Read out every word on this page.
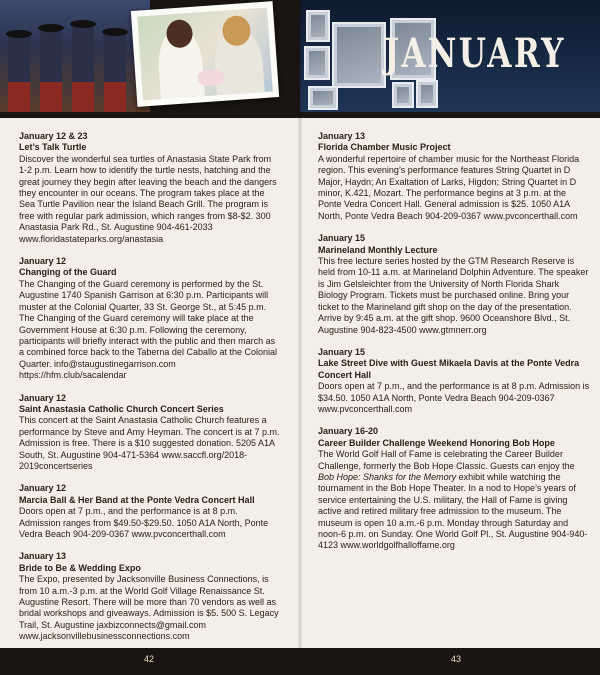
JANUARY
January 12 & 23
Let’s Talk Turtle
Discover the wonderful sea turtles of Anastasia State Park from 1-2 p.m. Learn how to identify the turtle nests, hatching and the great journey they begin after leaving the beach and the dangers they encounter in our oceans. The program takes place at the Sea Turtle Pavilion near the Island Beach Grill. The program is free with regular park admission, which ranges from $8-$2. 300 Anastasia Park Rd., St. Augustine 904-461-2033 www.floridastateparks.org/anastasia
January 12
Changing of the Guard
The Changing of the Guard ceremony is performed by the St. Augustine 1740 Spanish Garrison at 6:30 p.m. Participants will muster at the Colonial Quarter, 33 St. George St., at 5:45 p.m. The Changing of the Guard ceremony will take place at the Government House at 6:30 p.m. Following the ceremony, participants will briefly interact with the public and then march as a combined force back to the Taberna del Caballo at the Colonial Quarter. info@staugustinegarrison.com https://hfm.club/sacalendar
January 12
Saint Anastasia Catholic Church Concert Series
This concert at the Saint Anastasia Catholic Church features a performance by Steve and Amy Heyman. The concert is at 7 p.m. Admission is free. There is a $10 suggested donation. 5205 A1A South, St. Augustine 904-471-5364 www.saccfl.org/2018-2019concertseries
January 12
Marcia Ball & Her Band at the Ponte Vedra Concert Hall
Doors open at 7 p.m., and the performance is at 8 p.m. Admission ranges from $49.50-$29.50. 1050 A1A North, Ponte Vedra Beach 904-209-0367 www.pvconcerthall.com
January 13
Bride to Be & Wedding Expo
The Expo, presented by Jacksonville Business Connections, is from 10 a.m.-3 p.m. at the World Golf Village Renaissance St. Augustine Resort. There will be more than 70 vendors as well as bridal workshops and giveaways. Admission is $5. 500 S. Legacy Trail, St. Augustine jaxbizconnects@gmail.com www.jacksonvillebusinessconnections.com
January 13
Florida Chamber Music Project
A wonderful repertoire of chamber music for the Northeast Florida region. This evening’s performance features String Quartet in D Major, Haydn; An Exaltation of Larks, Higdon; String Quartet in D minor, K.421, Mozart. The performance begins at 3 p.m. at the Ponte Vedra Concert Hall. General admission is $25. 1050 A1A North, Ponte Vedra Beach 904-209-0367 www.pvconcerthall.com
January 15
Marineland Monthly Lecture
This free lecture series hosted by the GTM Research Reserve is held from 10-11 a.m. at Marineland Dolphin Adventure. The speaker is Jim Gelsleichter from the University of North Florida Shark Biology Program. Tickets must be purchased online. Bring your ticket to the Marineland gift shop on the day of the presentation. Arrive by 9:45 a.m. at the gift shop. 9600 Oceanshore Blvd., St. Augustine 904-823-4500 www.gtmnerr.org
January 15
Lake Street Dive with Guest Mikaela Davis at the Ponte Vedra Concert Hall
Doors open at 7 p.m., and the performance is at 8 p.m. Admission is $34.50. 1050 A1A North, Ponte Vedra Beach 904-209-0367 www.pvconcerthall.com
January 16-20
Career Builder Challenge Weekend Honoring Bob Hope
The World Golf Hall of Fame is celebrating the Career Builder Challenge, formerly the Bob Hope Classic. Guests can enjoy the Bob Hope: Shanks for the Memory exhibit while watching the tournament in the Bob Hope Theater. In a nod to Hope’s years of service entertaining the U.S. military, the Hall of Fame is giving active and retired military free admission to the museum. The museum is open 10 a.m.-6 p.m. Monday through Saturday and noon-6 p.m. on Sunday. One World Golf Pl., St. Augustine 904-940-4123 www.worldgolfhalloffame.org
42	43
